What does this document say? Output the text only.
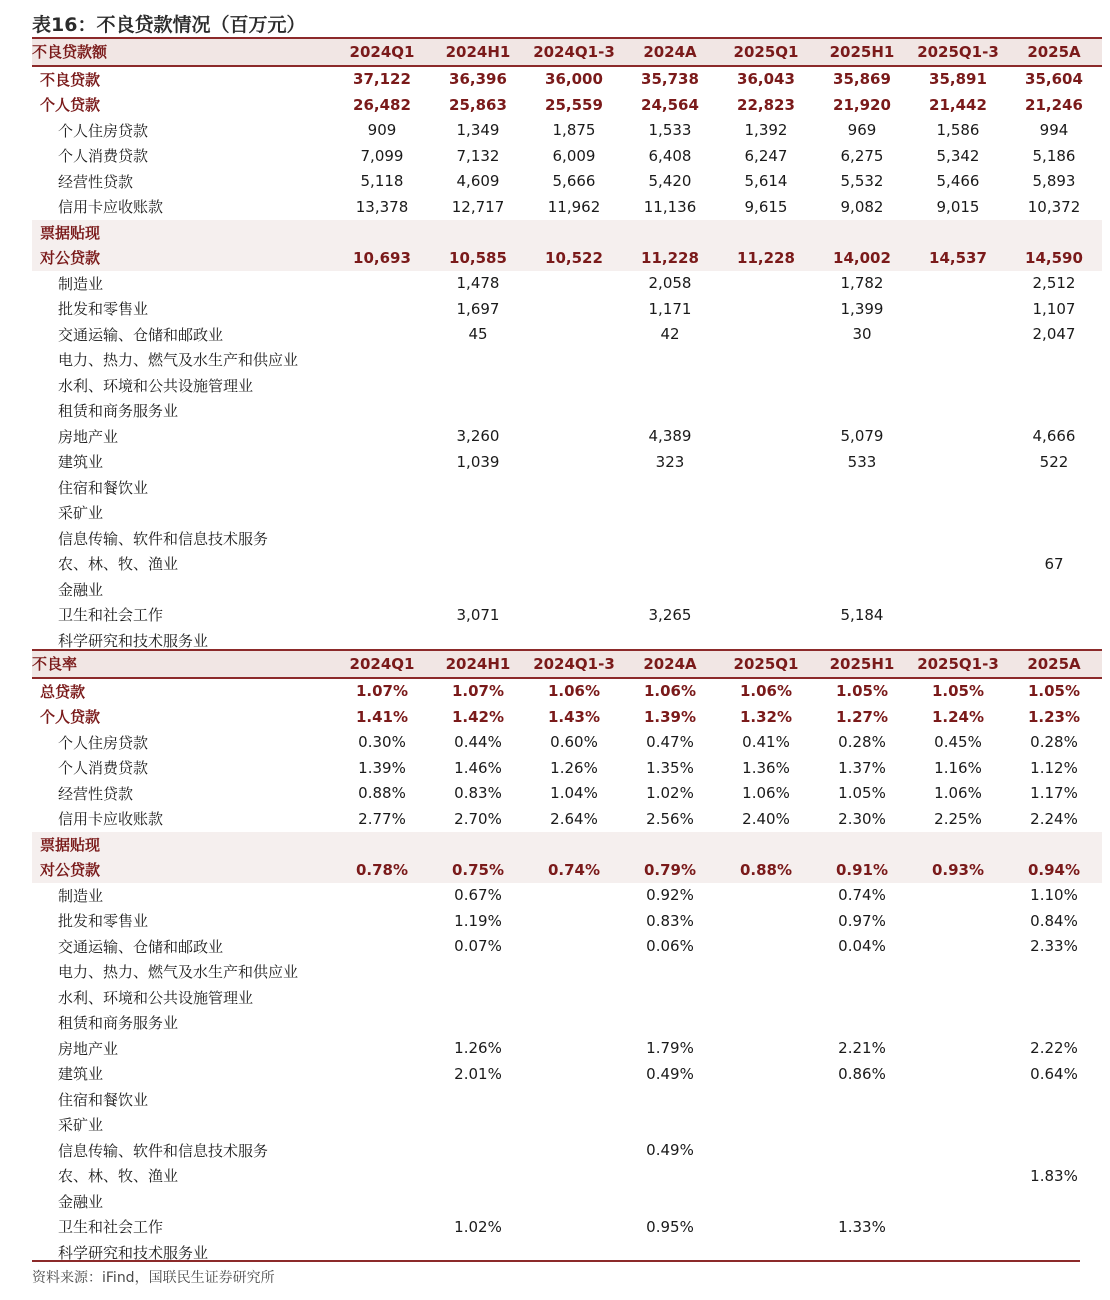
表16：不良贷款情况（百万元）
不良贷款额	2024Q1	2024H1	2024Q1-3	2024A	2025Q1	2025H1	2025Q1-3	2025A
不良贷款	37,122	36,396	36,000	35,738	36,043	35,869	35,891	35,604
个人贷款	26,482	25,863	25,559	24,564	22,823	21,920	21,442	21,246
个人住房贷款	909	1,349	1,875	1,533	1,392	969	1,586	994
个人消费贷款	7,099	7,132	6,009	6,408	6,247	6,275	5,342	5,186
经营性贷款	5,118	4,609	5,666	5,420	5,614	5,532	5,466	5,893
信用卡应收账款	13,378	12,717	11,962	11,136	9,615	9,082	9,015	10,372
票据贴现								
对公贷款	10,693	10,585	10,522	11,228	11,228	14,002	14,537	14,590
制造业		1,478		2,058		1,782		2,512
批发和零售业		1,697		1,171		1,399		1,107
交通运输、仓储和邮政业		45		42		30		2,047
电力、热力、燃气及水生产和供应业								
水利、环境和公共设施管理业								
租赁和商务服务业								
房地产业		3,260		4,389		5,079		4,666
建筑业		1,039		323		533		522
住宿和餐饮业								
采矿业								
信息传输、软件和信息技术服务								
农、林、牧、渔业								67
金融业								
卫生和社会工作		3,071		3,265		5,184		
科学研究和技术服务业								
不良率	2024Q1	2024H1	2024Q1-3	2024A	2025Q1	2025H1	2025Q1-3	2025A
总贷款	1.07%	1.07%	1.06%	1.06%	1.06%	1.05%	1.05%	1.05%
个人贷款	1.41%	1.42%	1.43%	1.39%	1.32%	1.27%	1.24%	1.23%
个人住房贷款	0.30%	0.44%	0.60%	0.47%	0.41%	0.28%	0.45%	0.28%
个人消费贷款	1.39%	1.46%	1.26%	1.35%	1.36%	1.37%	1.16%	1.12%
经营性贷款	0.88%	0.83%	1.04%	1.02%	1.06%	1.05%	1.06%	1.17%
信用卡应收账款	2.77%	2.70%	2.64%	2.56%	2.40%	2.30%	2.25%	2.24%
票据贴现								
对公贷款	0.78%	0.75%	0.74%	0.79%	0.88%	0.91%	0.93%	0.94%
制造业		0.67%		0.92%		0.74%		1.10%
批发和零售业		1.19%		0.83%		0.97%		0.84%
交通运输、仓储和邮政业		0.07%		0.06%		0.04%		2.33%
电力、热力、燃气及水生产和供应业								
水利、环境和公共设施管理业								
租赁和商务服务业								
房地产业		1.26%		1.79%		2.21%		2.22%
建筑业		2.01%		0.49%		0.86%		0.64%
住宿和餐饮业								
采矿业								
信息传输、软件和信息技术服务				0.49%				
农、林、牧、渔业								1.83%
金融业								
卫生和社会工作		1.02%		0.95%		1.33%		
科学研究和技术服务业								
资料来源：iFind，国联民生证券研究所
